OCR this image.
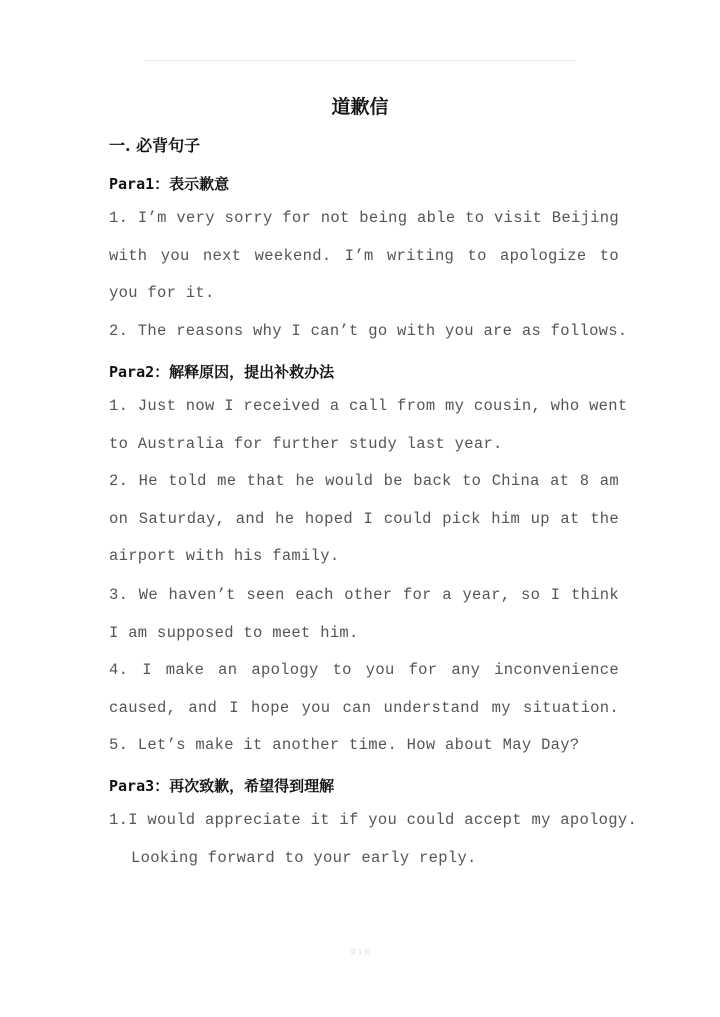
道歉信
一. 必背句子
Para1：表示歉意
1. I’m very sorry for not being able to visit Beijing
with you next weekend. I’m writing to apologize to
you for it.
2. The reasons why I can’t go with you are as follows.
Para2：解释原因，提出补救办法
1. Just now I received a call from my cousin, who went
to Australia for further study last year.
2. He told me that he would be back to China at 8 am
on Saturday, and he hoped I could pick him up at the
airport with his family.
3. We haven’t seen each other for a year, so I think
I am supposed to meet him.
4. I make an apology to you for any inconvenience
caused, and I hope you can understand my situation.
5. Let’s make it another time. How about May Day?
Para3：再次致歉，希望得到理解
1.I would appreciate it if you could accept my apology.
Looking forward to your early reply.
第 1 页
